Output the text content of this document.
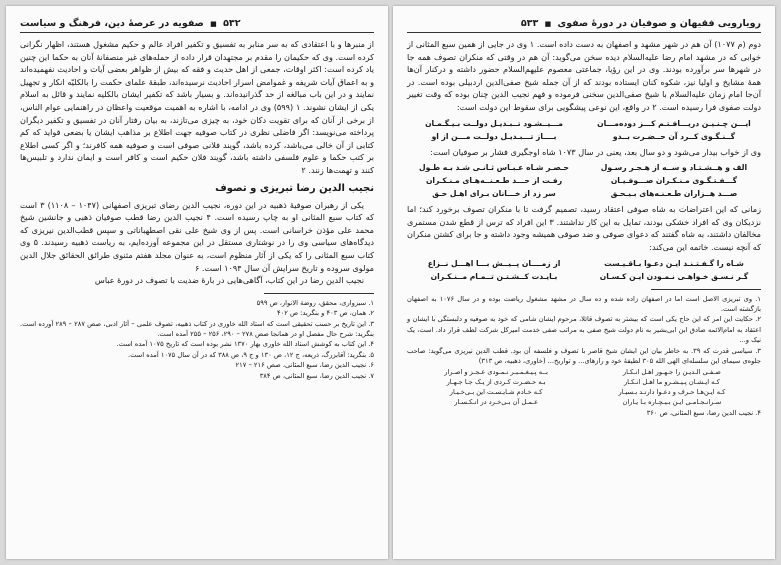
رویارویی فقیهان و صوفیان در دورهٔ صفوی ■ ۵۳۳

دوم (م ۱۰۷۷) آن هم در شهر مشهد و اصفهان به دست داده است. ۱ وی در جایی از همین سبع المثانی از خوابی که در مشهد امام رضا علیه‌السلام دیده سخن می‌گوید: آن هم در وقتی که منکران تصوف همه جا در شهرها سر برآورده بودند. وی در این رؤیا، جماعتی معصوم علیهم‌السلام حضور داشته و درکنار آن‌ها همهٔ مشایخ و اولیا نیز، شکوه کنان ایستاده بودند که از آن جمله شیخ صفی‌الدین اردبیلی بوده است. در آن‌جا امام زمان علیه‌السلام با شیخ صفی‌الدین سخنی فرموده و فهم نجیب الدین چنان بوده که وقت تغییر دولت صفوی فرا رسیده است. ۲ در واقع، این نوعی پیشگویی برای سقوط این دولت است:

ایـــن چـنـیـن دریـــافـتـم کـــز دوده‌مـــان
مـــیــشـود تــبـدیـل دولــت بـیـگـمـان
گــنـگـوی کــرد آن حــضـرت بــدو
بــــاز تـــبـدیـل دولــت مـــن از او

وی از خواب بیدار می‌شود و دو سال بعد، یعنی در سال ۱۰۷۳ شاه اوجگیری فشار بر صوفیان است:

الف و هــشـتـاد و ســه از هـجـر رسـول
حـصـر شـاه عـبـاس ثـانـی شـد بـه طـول
گـــفـتـگـوی مـنـکـران صـــوفـیـان
رفـت از حـــد طـعـنــه‌هـای مـنـکـران
صـــد هــزاران طـعـنـه‌های بـیـحـق
سر زد از خـــانان بـرای اهـل حـق

زمانی که این اعتراضات به شاه صوفی اعتقاد رسید، تصمیم گرفت تا با منکران تصوف برخورد کند؛ اما نزدیکان وی که افراد خشکی بودند، تمایل به این کار نداشتند. ۳ این افراد که ترس از قطع شدن مستمری مخالفان داشتند، به شاه گفتند که دعوای صوفی و ضد صوفی همیشه وجود داشته و جا برای کشتن منکران که آنچه نیست. خاتمه این می‌کند:

شـاه را گـفـتـنـد ایـن دعـوا بـاقـیـست
از زمــــان پــیــش بـــا اهـــل نــزاع
گـر نـسـق خـواهـی نـمـودن ایـن کـسـان
بـایـدت کــشـتـن تــمـام مــنـکـران

۱. وی تبریزی الاصل است اما در اصفهان زاده شده و ده سال در مشهد مشغول ریاضت بوده و در سال ۱۰۷۶ به اصفهان بازگشته است.

۲. حکایت این امر که این حاج یکی است که بیشتر به تصوف قائلا، مرحوم ایشان شامی که خود به صوفیه و دلبستگی با ایشان و اعتقاد به امام‌الائمه صادق ابن ابی‌بشیر به نام دولت شیخ صفی به مراتب صفی خدمت امیرکل شرکت لطف قرار داد. است، یک نیک و...

۳. سیاسی قدرت که ۳۹. به خاطر بیان این ایشان شیخ قاصر با تصوف و فلسفه آن بود. قطب الدین نیریزی می‌گوید: صاحب جلوه‌ی سیمای این سلسله‌ای الهی الله ۳۰۵ لطیفهٔ خود و رازهای... و تواریخ... (خاوری، ذهبیه، ص ۳۱۳)

صـفـی الـدیـن را جـهـور اهـل انـکـار
بــه پـیـغـمـبـر نـمـودی عـجـز و اصـرار
کـه ایـشـان پـیـشـرو ما اهـل انـکـار
بـه حـضـرت کـردی از یـک جـا جـهـار
کـه ایـن‌هـا حـرف و دعـوا دارنـد بـسیـار
کـه خـادم شـایـسـت این بـی‌خـیـار
سـرانـجـامـی ایـن بـیـچـاره بـا یـاران
عـمـل آن بـی‌خـرد در انـکـسـار

۴. نجیب الدین رضا، سبع المثانی، ص ۳۶۰

۵۳۲ ■ صفویه در عرصهٔ دین، فرهنگ و سیاست

از منبرها و با اعتقادی که به سر منابر به تفسیق و تکفیر افراد عالم و حکیم مشغول هستند، اظهار نگرانی کرده است. وی که حکیمان را مقدم بر مجتهدان قرار داده از حمله‌های غیر منصفانهٔ آنان به حکما این چنین یاد کرده است: اکثر اوقات، جمعی از اهل حدیث و فقه که بیش از ظواهر بعضی آیات و احادیث نفهمیده‌اند و به اعماق آیات شریفه و غموامض اسرار احادیث نرسیده‌اند، طبقهٔ علمای حکمت را بالکلیّه انکار و تجهیل نمایند و در این باب مبالغه از حد گذرانیده‌اند. و بسیار باشد که تکفیر ایشان بالکلیه نمایند و قائل به اسلام یکی از ایشان نشوند. ۱ (۵۹۹) وی در ادامه، با اشاره به اهمیت موقعیت واعظان در راهنمایی عوام الناس، از برخی از آنان که برای تقویت دکان خود، به چیزی می‌تازند، به بیان رفتار آنان در تفسیق و تکفیر دیگران پرداخته می‌نویسد: اگر فاضلی نظری در کتاب صوفیه جهت اطلاع بر مذاهب ایشان یا بضعی فواید که کم کتابی از آن خالی می‌باشد، کرده باشد، گویند فلانی صوفی است و صوفیه همه کافرند؛ و اگر کسی اطلاع بر کتب حکما و علوم فلسفی داشته باشد، گویند فلان حکیم است و کافر است و ایمان ندارد و تلبیس‌ها کنند و تهمت‌ها زنند. ۲

نجیب الدین رضا تبریزی و تصوف

یکی از رهبران صوفیهٔ ذهبیه در این دوره، نجیب الدین رضای تبریزی اصفهانی (۱۰۴۷ – ۱۱۰۸) ۳ است که کتاب سبع المثانی او به چاپ رسیده است. ۴ نجیب الدین رضا قطب صوفیان ذهبی و جانشین شیخ محمد علی مؤذن خراسانی است. پس از وی شیخ علی نقی اصطهباناتی و سپس قطب‌الدین نیریزی که دیدگاه‌های سیاسی وی را در نوشتاری مستقل در این مجموعه آورده‌ایم، به ریاست ذهبیه رسیدند. ۵ وی کتاب سبع المثانی را که یکی از آثار منظوم است، به عنوان مجلد هفتم مثنوی طرائق الحقائق جلال الدین مولوی سروده و تاریخ سرایش آن سال ۱۰۹۴ است. ۶

نجیب الدین رضا در این کتاب، آگاهی‌هایی در بارهٔ ضدیت با تصوف در دورهٔ عباس

۱. سبزواری، محقق، روضة الانوار، ص ۵۹۹

۲. همان، ص ۴۰۳ و بنگرید: ص ۴۰۲

۳. این تاریخ بر حسب تحقیقی است که استاد الله خاوری در کتاب ذهبیه، تصوف علمی – آثار ادبی، صص ۲۸۷ – ۲۸۹ آورده است. بنگرید: شرح حال مفصل او در همانجا صص ۲۷۸ – ۲۹۰، ۲۵۶ – ۲۵۵ آمده است.

۴. این کتاب به کوشش استاد الله خاوری بهار ۱۳۷۰ نشر بوده است که تاریخ ۱۰۷۵ آمده است.

۵. بنگرید: آقابزرگ، ذریعه، ج ۱۲، ص ۱۳۰ و ج ۹، ص ۳۸۸ که در آن سال ۱۰۷۵ آمده است.

۶. نجیب الدین رضا، سبع المثانی، صص ۲۱۶ – ۲۱۷

۷. نجیب الدین رضا، سبع المثانی، ص ۳۸۴
